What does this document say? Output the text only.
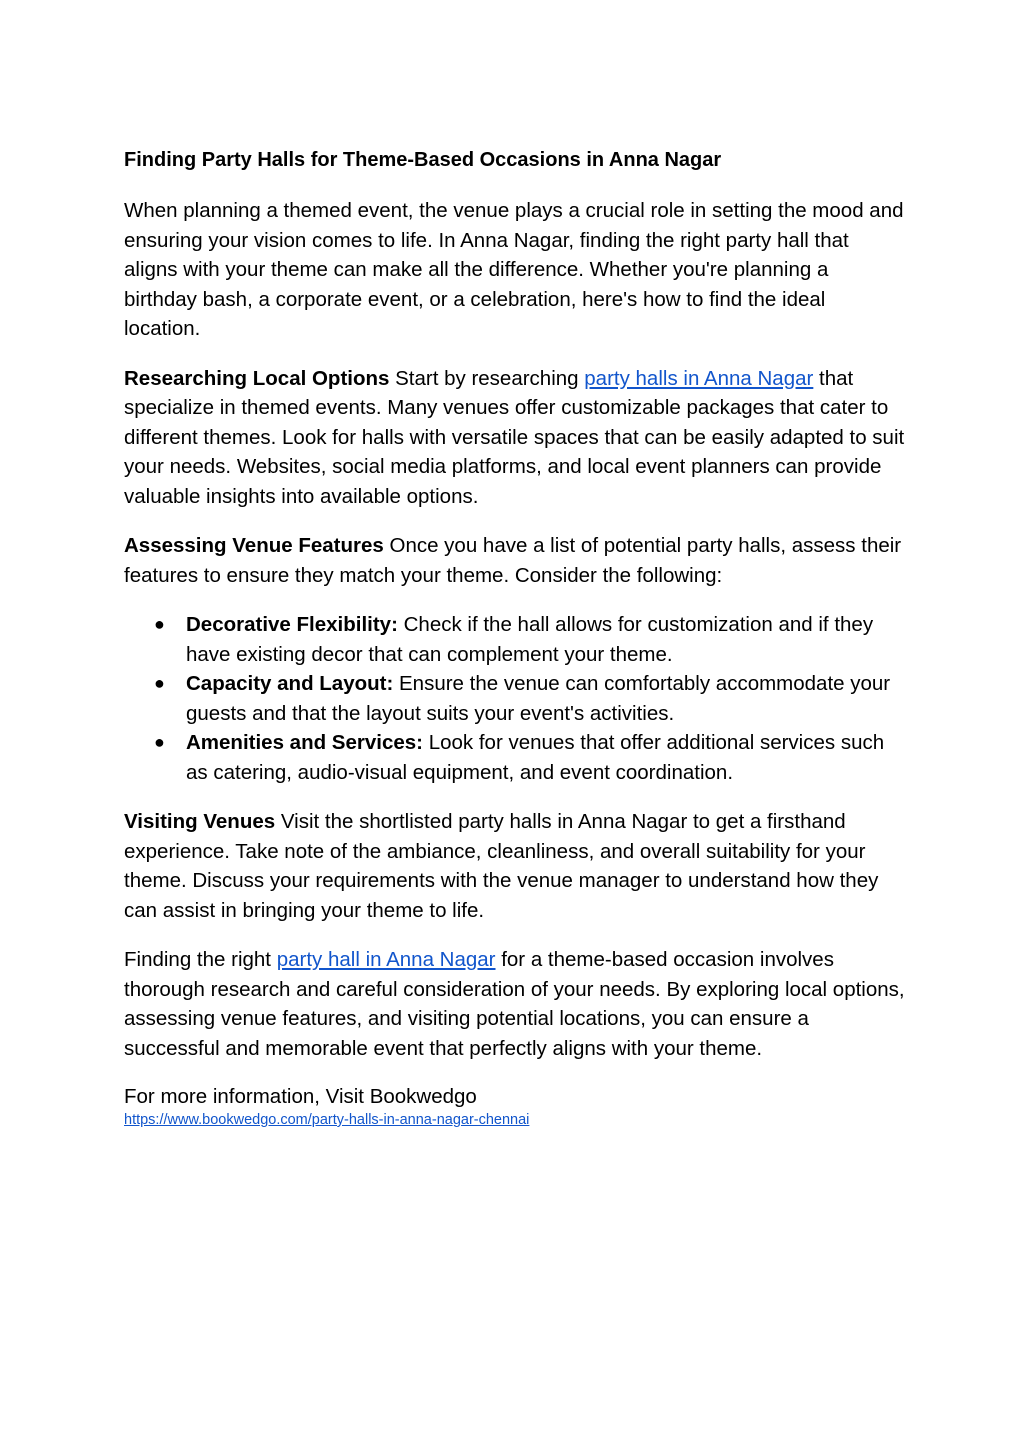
Finding Party Halls for Theme-Based Occasions in Anna Nagar

When planning a themed event, the venue plays a crucial role in setting the mood and ensuring your vision comes to life. In Anna Nagar, finding the right party hall that aligns with your theme can make all the difference. Whether you're planning a birthday bash, a corporate event, or a celebration, here's how to find the ideal location.

Researching Local Options Start by researching party halls in Anna Nagar that specialize in themed events. Many venues offer customizable packages that cater to different themes. Look for halls with versatile spaces that can be easily adapted to suit your needs. Websites, social media platforms, and local event planners can provide valuable insights into available options.

Assessing Venue Features Once you have a list of potential party halls, assess their features to ensure they match your theme. Consider the following:

● Decorative Flexibility: Check if the hall allows for customization and if they have existing decor that can complement your theme.
● Capacity and Layout: Ensure the venue can comfortably accommodate your guests and that the layout suits your event's activities.
● Amenities and Services: Look for venues that offer additional services such as catering, audio-visual equipment, and event coordination.

Visiting Venues Visit the shortlisted party halls in Anna Nagar to get a firsthand experience. Take note of the ambiance, cleanliness, and overall suitability for your theme. Discuss your requirements with the venue manager to understand how they can assist in bringing your theme to life.

Finding the right party hall in Anna Nagar for a theme-based occasion involves thorough research and careful consideration of your needs. By exploring local options, assessing venue features, and visiting potential locations, you can ensure a successful and memorable event that perfectly aligns with your theme.

For more information, Visit Bookwedgo
https://www.bookwedgo.com/party-halls-in-anna-nagar-chennai
